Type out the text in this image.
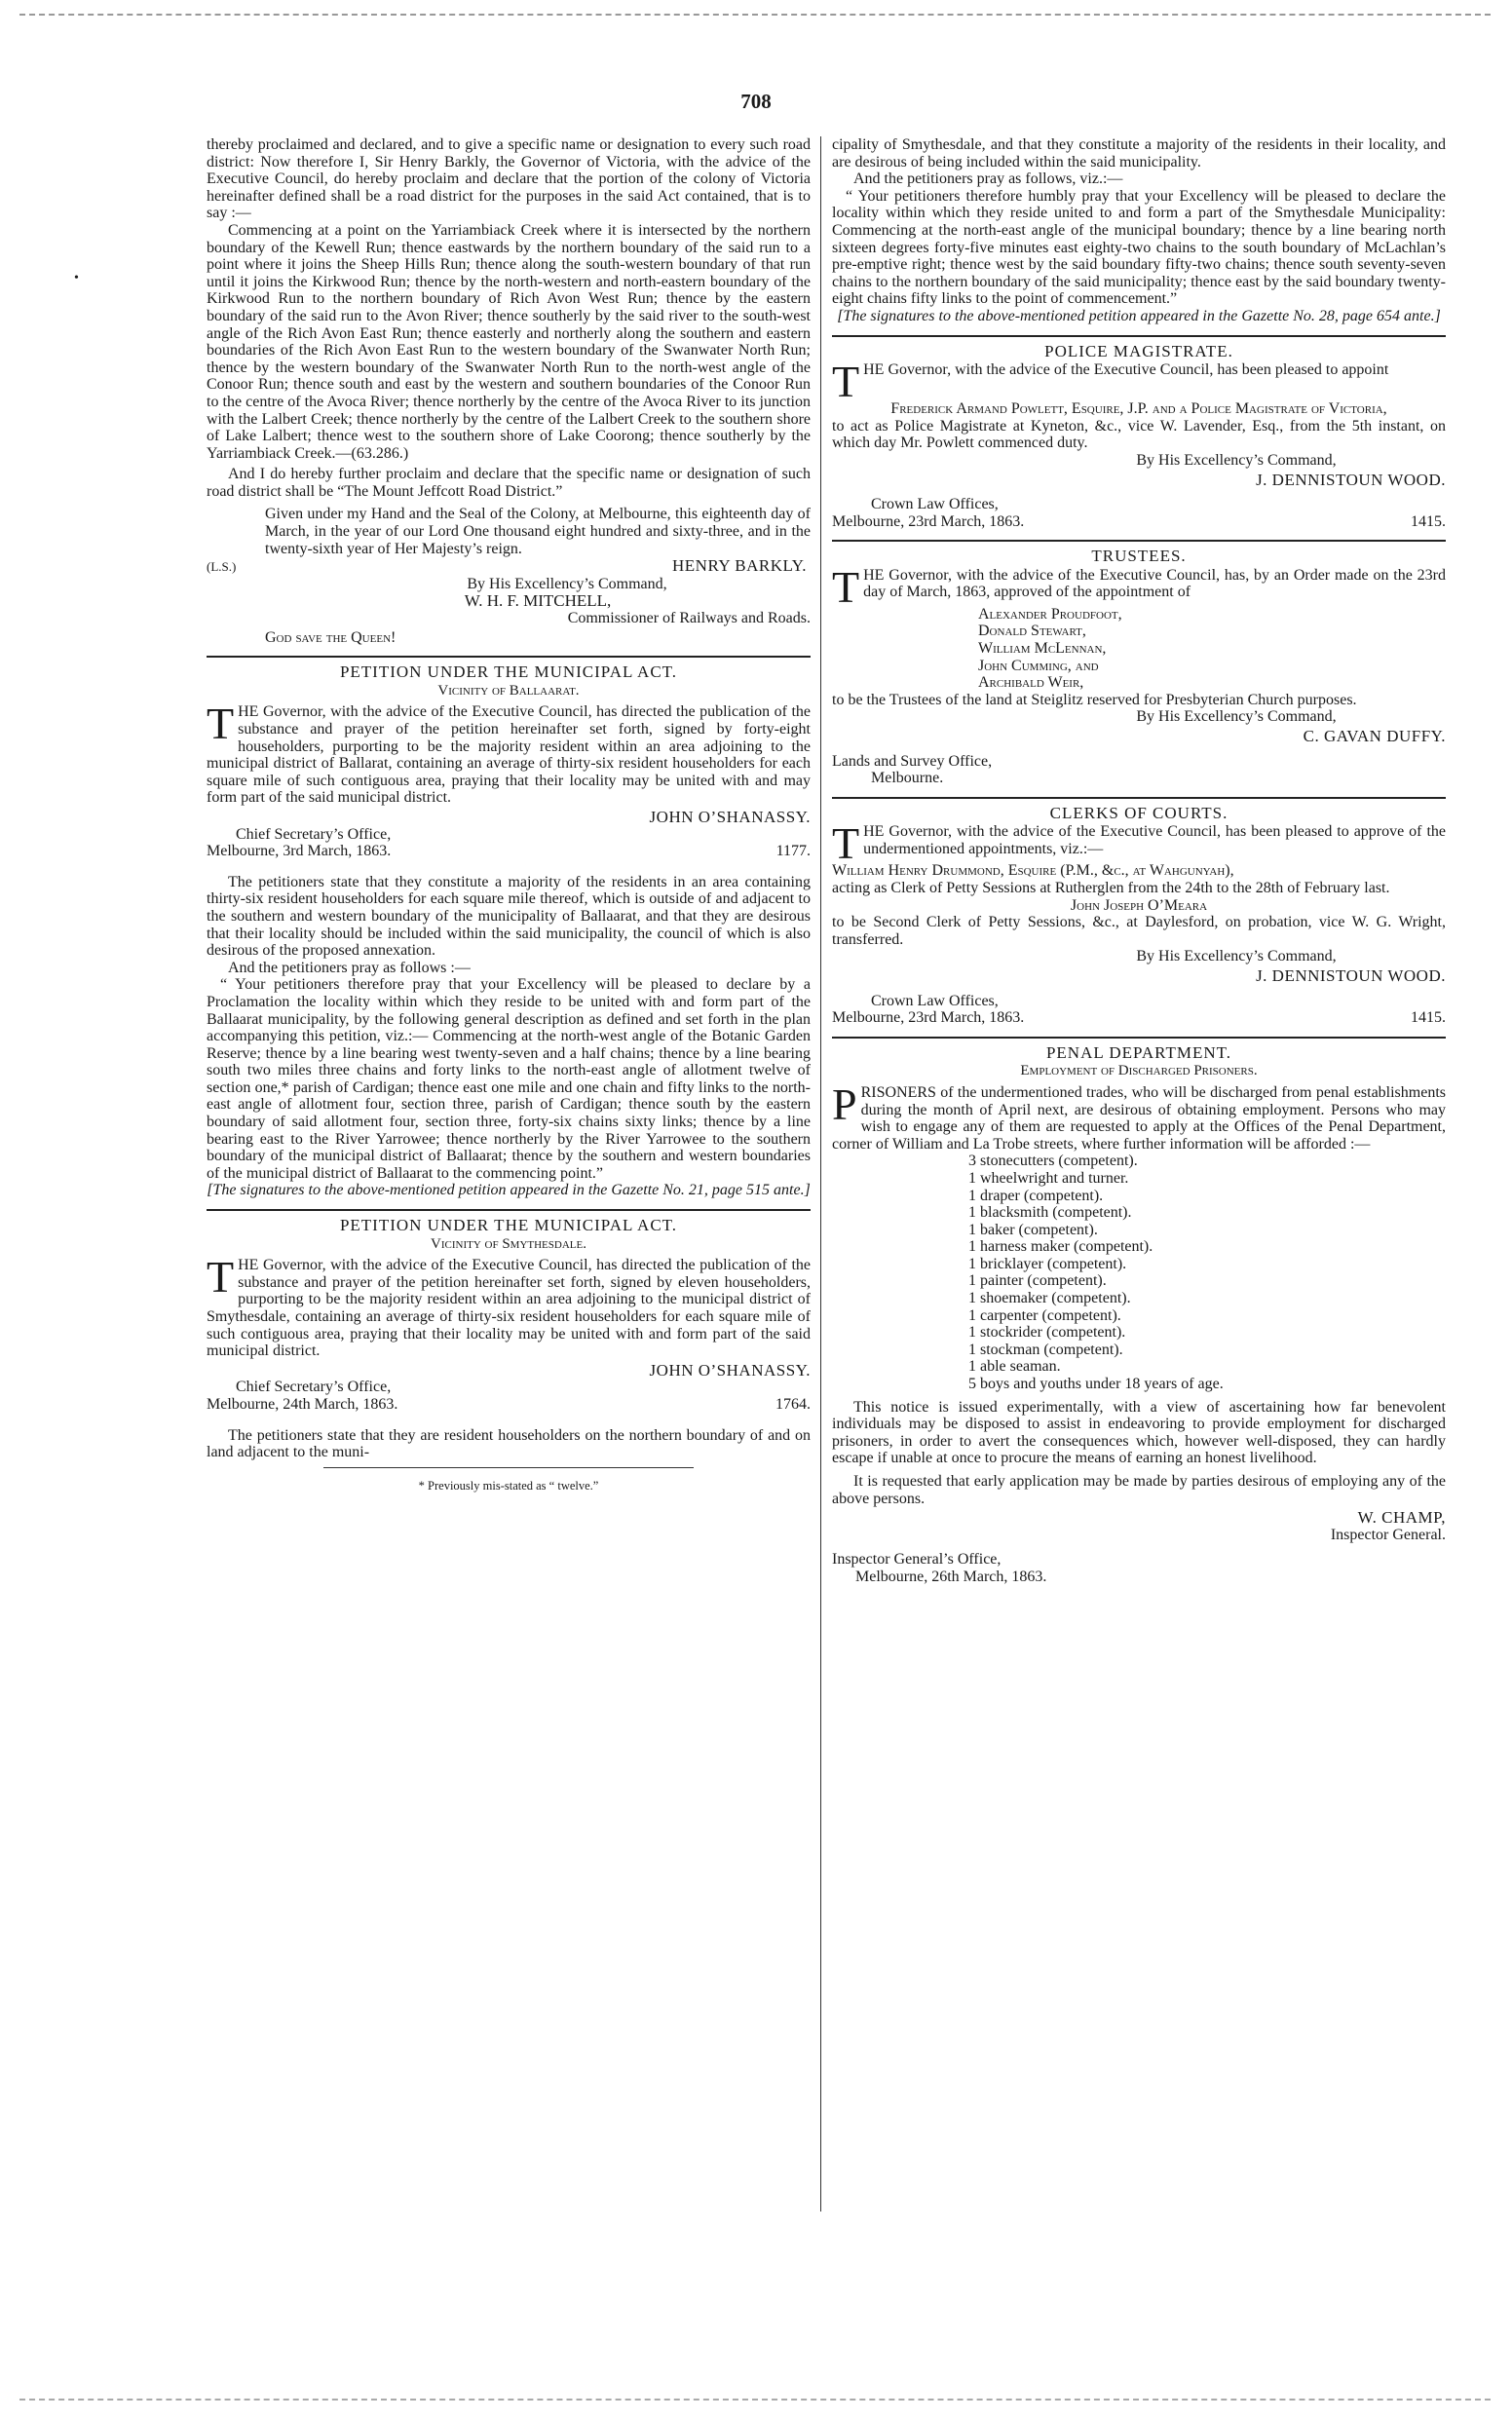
708
•

thereby proclaimed and declared, and to give a specific name or designation to every such road district: Now therefore I, Sir Henry Barkly, the Governor of Victoria, with the advice of the Executive Council, do hereby proclaim and declare that the portion of the colony of Victoria hereinafter defined shall be a road district for the purposes in the said Act contained, that is to say :—

Commencing at a point on the Yarriambiack Creek where it is intersected by the northern boundary of the Kewell Run; thence eastwards by the northern boundary of the said run to a point where it joins the Sheep Hills Run; thence along the south-western boundary of that run until it joins the Kirkwood Run; thence by the north-western and north-eastern boundary of the Kirkwood Run to the northern boundary of Rich Avon West Run; thence by the eastern boundary of the said run to the Avon River; thence southerly by the said river to the south-west angle of the Rich Avon East Run; thence easterly and northerly along the southern and eastern boundaries of the Rich Avon East Run to the western boundary of the Swanwater North Run; thence by the western boundary of the Swanwater North Run to the north-west angle of the Conoor Run; thence south and east by the western and southern boundaries of the Conoor Run to the centre of the Avoca River; thence northerly by the centre of the Avoca River to its junction with the Lalbert Creek; thence northerly by the centre of the Lalbert Creek to the southern shore of Lake Lalbert; thence west to the southern shore of Lake Coorong; thence southerly by the Yarriambiack Creek.—(63.286.)

And I do hereby further proclaim and declare that the specific name or designation of such road district shall be “The Mount Jeffcott Road District.”

Given under my Hand and the Seal of the Colony, at Melbourne, this eighteenth day of March, in the year of our Lord One thousand eight hundred and sixty-three, and in the twenty-sixth year of Her Majesty’s reign.

(L.S.)	HENRY BARKLY.

By His Excellency’s Command,

W. H. F. MITCHELL,

Commissioner of Railways and Roads.

God save the Queen!

PETITION UNDER THE MUNICIPAL ACT.

Vicinity of Ballaarat.

THE Governor, with the advice of the Executive Council, has directed the publication of the substance and prayer of the petition hereinafter set forth, signed by forty-eight householders, purporting to be the majority resident within an area adjoining to the municipal district of Ballarat, containing an average of thirty-six resident householders for each square mile of such contiguous area, praying that their locality may be united with and may form part of the said municipal district.

JOHN O’SHANASSY.

Chief Secretary’s Office,

Melbourne, 3rd March, 1863.	1177.

The petitioners state that they constitute a majority of the residents in an area containing thirty-six resident householders for each square mile thereof, which is outside of and adjacent to the southern and western boundary of the municipality of Ballaarat, and that they are desirous that their locality should be included within the said municipality, the council of which is also desirous of the proposed annexation.

And the petitioners pray as follows :—

“ Your petitioners therefore pray that your Excellency will be pleased to declare by a Proclamation the locality within which they reside to be united with and form part of the Ballaarat municipality, by the following general description as defined and set forth in the plan accompanying this petition, viz.:— Commencing at the north-west angle of the Botanic Garden Reserve; thence by a line bearing west twenty-seven and a half chains; thence by a line bearing south two miles three chains and forty links to the north-east angle of allotment twelve of section one,* parish of Cardigan; thence east one mile and one chain and fifty links to the north-east angle of allotment four, section three, parish of Cardigan; thence south by the eastern boundary of said allotment four, section three, forty-six chains sixty links; thence by a line bearing east to the River Yarrowee; thence northerly by the River Yarrowee to the southern boundary of the municipal district of Ballaarat; thence by the southern and western boundaries of the municipal district of Ballaarat to the commencing point.”

[The signatures to the above-mentioned petition appeared in the Gazette No. 21, page 515 ante.]

PETITION UNDER THE MUNICIPAL ACT.

Vicinity of Smythesdale.

THE Governor, with the advice of the Executive Council, has directed the publication of the substance and prayer of the petition hereinafter set forth, signed by eleven householders, purporting to be the majority resident within an area adjoining to the municipal district of Smythesdale, containing an average of thirty-six resident householders for each square mile of such contiguous area, praying that their locality may be united with and form part of the said municipal district.

JOHN O’SHANASSY.

Chief Secretary’s Office,

Melbourne, 24th March, 1863.	1764.

The petitioners state that they are resident householders on the northern boundary of and on land adjacent to the muni-

* Previously mis-stated as “ twelve.”

cipality of Smythesdale, and that they constitute a majority of the residents in their locality, and are desirous of being included within the said municipality.

And the petitioners pray as follows, viz.:—

“ Your petitioners therefore humbly pray that your Excellency will be pleased to declare the locality within which they reside united to and form a part of the Smythesdale Municipality: Commencing at the north-east angle of the municipal boundary; thence by a line bearing north sixteen degrees forty-five minutes east eighty-two chains to the south boundary of McLachlan’s pre-emptive right; thence west by the said boundary fifty-two chains; thence south seventy-seven chains to the northern boundary of the said municipality; thence east by the said boundary twenty-eight chains fifty links to the point of commencement.”

[The signatures to the above-mentioned petition appeared in the Gazette No. 28, page 654 ante.]

POLICE MAGISTRATE.

THE Governor, with the advice of the Executive Council, has been pleased to appoint

Frederick Armand Powlett, Esquire, J.P. and a Police Magistrate of Victoria,

to act as Police Magistrate at Kyneton, &c., vice W. Lavender, Esq., from the 5th instant, on which day Mr. Powlett commenced duty.

By His Excellency’s Command,

J. DENNISTOUN WOOD.

Crown Law Offices,

Melbourne, 23rd March, 1863.	1415.

TRUSTEES.

THE Governor, with the advice of the Executive Council, has, by an Order made on the 23rd day of March, 1863, approved of the appointment of

Alexander Proudfoot,

Donald Stewart,

William McLennan,

John Cumming, and

Archibald Weir,

to be the Trustees of the land at Steiglitz reserved for Presbyterian Church purposes.

By His Excellency’s Command,

C. GAVAN DUFFY.

Lands and Survey Office,

Melbourne.

CLERKS OF COURTS.

THE Governor, with the advice of the Executive Council, has been pleased to approve of the undermentioned appointments, viz.:—

William Henry Drummond, Esquire (P.M., &c., at Wahgunyah),

acting as Clerk of Petty Sessions at Rutherglen from the 24th to the 28th of February last.

John Joseph O’Meara

to be Second Clerk of Petty Sessions, &c., at Daylesford, on probation, vice W. G. Wright, transferred.

By His Excellency’s Command,

J. DENNISTOUN WOOD.

Crown Law Offices,

Melbourne, 23rd March, 1863.	1415.

PENAL DEPARTMENT.

Employment of Discharged Prisoners.

PRISONERS of the undermentioned trades, who will be discharged from penal establishments during the month of April next, are desirous of obtaining employment. Persons who may wish to engage any of them are requested to apply at the Offices of the Penal Department, corner of William and La Trobe streets, where further information will be afforded :—

3 stonecutters (competent).

1 wheelwright and turner.

1 draper (competent).

1 blacksmith (competent).

1 baker (competent).

1 harness maker (competent).

1 bricklayer (competent).

1 painter (competent).

1 shoemaker (competent).

1 carpenter (competent).

1 stockrider (competent).

1 stockman (competent).

1 able seaman.

5 boys and youths under 18 years of age.

This notice is issued experimentally, with a view of ascertaining how far benevolent individuals may be disposed to assist in endeavoring to provide employment for discharged prisoners, in order to avert the consequences which, however well-disposed, they can hardly escape if unable at once to procure the means of earning an honest livelihood.

It is requested that early application may be made by parties desirous of employing any of the above persons.

W. CHAMP,

Inspector General.

Inspector General’s Office,

Melbourne, 26th March, 1863.
